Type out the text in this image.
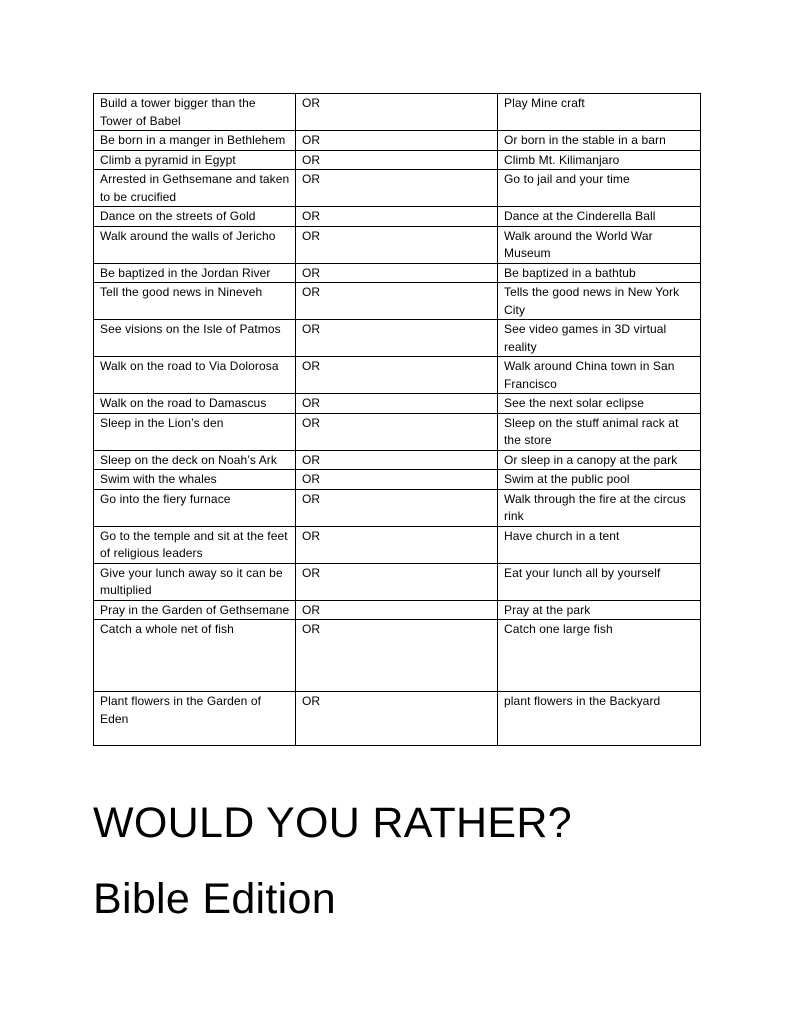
Build a tower bigger than the Tower of Babel	OR	Play Mine craft
Be born in a manger in Bethlehem	OR	Or born in the stable in a barn
Climb a pyramid in Egypt	OR	Climb Mt. Kilimanjaro
Arrested in Gethsemane and taken to be crucified	OR	Go to jail and your time
Dance on the streets of Gold	OR	Dance at the Cinderella Ball
Walk around the walls of Jericho	OR	Walk around the World War Museum
Be baptized in the Jordan River	OR	Be baptized in a bathtub
Tell the good news in Nineveh	OR	Tells the good news in New York City
See visions on the Isle of Patmos	OR	See video games in 3D virtual reality
Walk on the road to Via Dolorosa	OR	Walk around China town in San Francisco
Walk on the road to Damascus	OR	See the next solar eclipse
Sleep in the Lion’s den	OR	Sleep on the stuff animal rack at the store
Sleep on the deck on Noah’s Ark	OR	Or sleep in a canopy at the park
Swim with the whales	OR	Swim at the public pool
Go into the fiery furnace	OR	Walk through the fire at the circus rink
Go to the temple and sit at the feet of religious leaders	OR	Have church in a tent
Give your lunch away so it can be multiplied	OR	Eat your lunch all by yourself
Pray in the Garden of Gethsemane	OR	Pray at the park
Catch a whole net of fish	OR	Catch one large fish
Plant flowers in the Garden of Eden	OR	plant flowers in the Backyard
WOULD YOU RATHER?
Bible Edition
